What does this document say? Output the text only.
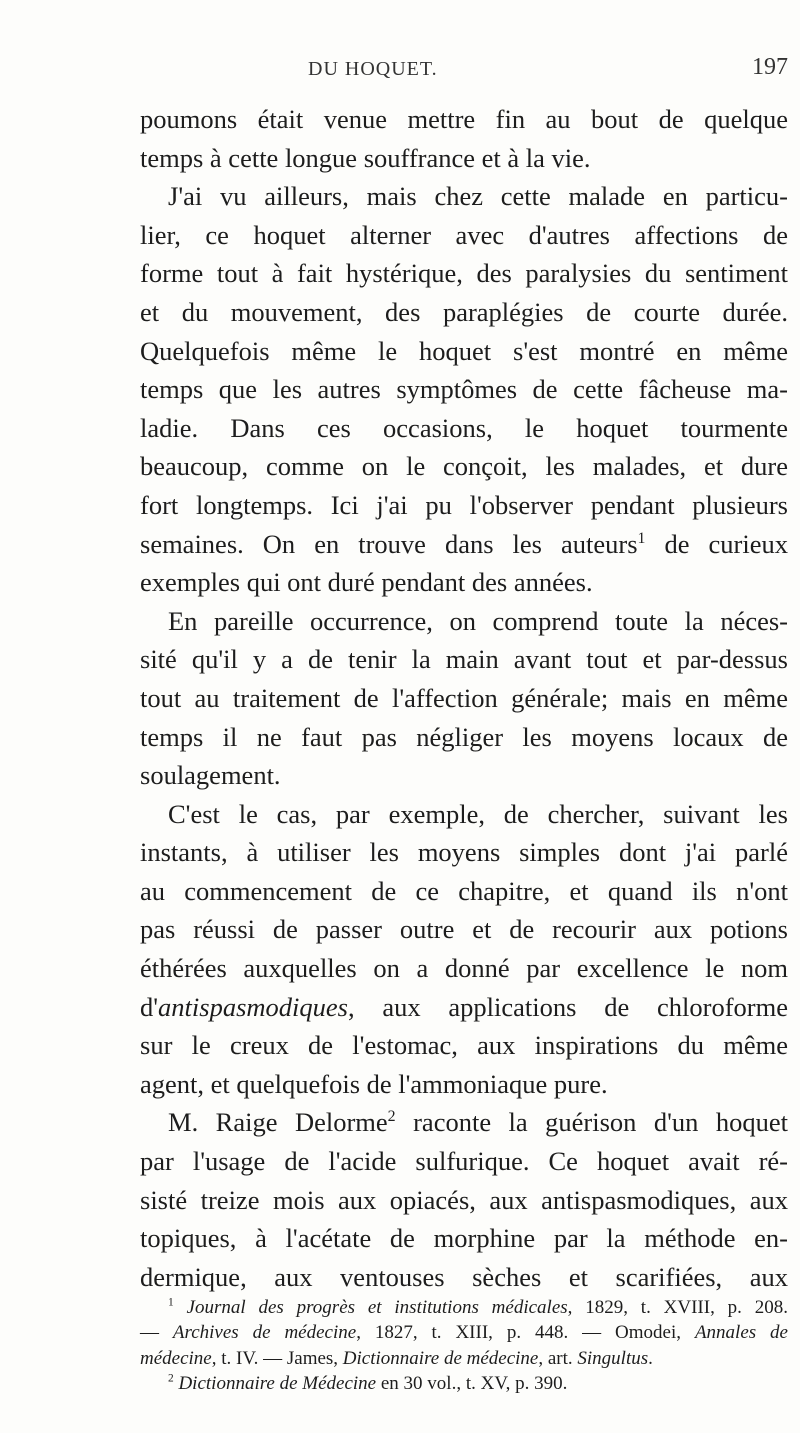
DU HOQUET.	197
poumons était venue mettre fin au bout de quelque
temps à cette longue souffrance et à la vie.
J'ai vu ailleurs, mais chez cette malade en particu-
lier, ce hoquet alterner avec d'autres affections de
forme tout à fait hystérique, des paralysies du sentiment
et du mouvement, des paraplégies de courte durée.
Quelquefois même le hoquet s'est montré en même
temps que les autres symptômes de cette fâcheuse ma-
ladie. Dans ces occasions, le hoquet tourmente
beaucoup, comme on le conçoit, les malades, et dure
fort longtemps. Ici j'ai pu l'observer pendant plusieurs
semaines. On en trouve dans les auteurs$^1$ de curieux
exemples qui ont duré pendant des années.
En pareille occurrence, on comprend toute la néces-
sité qu'il y a de tenir la main avant tout et par-dessus
tout au traitement de l'affection générale; mais en même
temps il ne faut pas négliger les moyens locaux de
soulagement.
C'est le cas, par exemple, de chercher, suivant les
instants, à utiliser les moyens simples dont j'ai parlé
au commencement de ce chapitre, et quand ils n'ont
pas réussi de passer outre et de recourir aux potions
éthérées auxquelles on a donné par excellence le nom
d'antispasmodiques, aux applications de chloroforme
sur le creux de l'estomac, aux inspirations du même
agent, et quelquefois de l'ammoniaque pure.
M. Raige Delorme$^2$ raconte la guérison d'un hoquet
par l'usage de l'acide sulfurique. Ce hoquet avait ré-
sisté treize mois aux opiacés, aux antispasmodiques, aux
topiques, à l'acétate de morphine par la méthode en-
dermique, aux ventouses sèches et scarifiées, aux
$^1$ Journal des progrès et institutions médicales, 1829, t. XVIII, p. 208.
— Archives de médecine, 1827, t. XIII, p. 448. — Omodei, Annales de
médecine, t. IV. — James, Dictionnaire de médecine, art. Singultus.
$^2$ Dictionnaire de Médecine en 30 vol., t. XV, p. 390.
